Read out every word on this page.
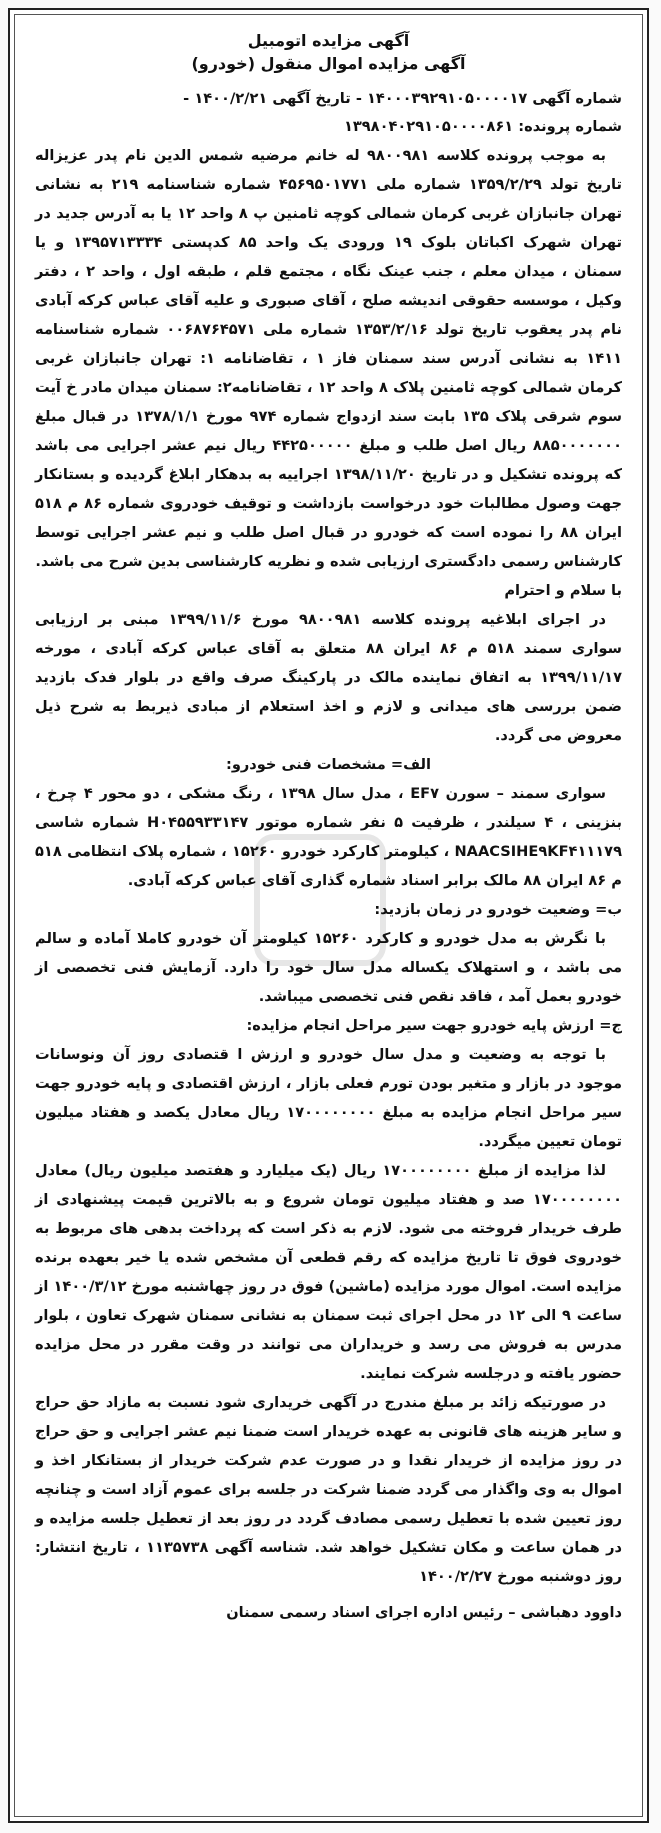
آگهی مزایده اتومبیل
آگهی مزایده اموال منقول (خودرو)
شماره آگهی ۱۴۰۰۰۳۹۲۹۱۰۵۰۰۰۰۱۷ - تاریخ آگهی ۱۴۰۰/۲/۲۱ -
شماره پرونده: ۱۳۹۸۰۴۰۲۹۱۰۵۰۰۰۰۸۶۱

به موجب پرونده کلاسه ۹۸۰۰۹۸۱ له خانم مرضیه شمس الدین نام پدر عزیزاله تاریخ تولد ۱۳۵۹/۲/۲۹ شماره ملی ۴۵۶۹۵۰۱۷۷۱ شماره شناسنامه ۲۱۹ به نشانی تهران جانبازان غربی کرمان شمالی کوچه ثامنین پ ۸ واحد ۱۲ یا به آدرس جدید در تهران شهرک اکباتان بلوک ۱۹ ورودی یک واحد ۸۵ کدپستی ۱۳۹۵۷۱۳۳۳۴ و یا سمنان ، میدان معلم ، جنب عینک نگاه ، مجتمع قلم ، طبقه اول ، واحد ۲ ، دفتر وکیل ، موسسه حقوقی اندیشه صلح ، آقای صبوری و علیه آقای عباس کرکه آبادی نام پدر یعقوب تاریخ تولد ۱۳۵۳/۲/۱۶ شماره ملی ۰۰۶۸۷۶۴۵۷۱ شماره شناسنامه ۱۴۱۱ به نشانی آدرس سند سمنان فاز ۱ ، تقاضانامه ۱: تهران جانبازان غربی کرمان شمالی کوچه ثامنین پلاک ۸ واحد ۱۲ ، تقاضانامه۲: سمنان میدان مادر خ آیت سوم شرقی پلاک ۱۳۵ بابت سند ازدواج شماره ۹۷۴ مورخ ۱۳۷۸/۱/۱ در قبال مبلغ ۸۸۵۰۰۰۰۰۰۰ ریال اصل طلب و مبلغ ۴۴۲۵۰۰۰۰۰ ریال نیم عشر اجرایی می باشد که پرونده تشکیل و در تاریخ ۱۳۹۸/۱۱/۲۰ اجراییه به بدهکار ابلاغ گردیده و بستانکار جهت وصول مطالبات خود درخواست بازداشت و توقیف خودروی شماره ۸۶ م ۵۱۸ ایران ۸۸ را نموده است که خودرو در قبال اصل طلب و نیم عشر اجرایی توسط کارشناس رسمی دادگستری ارزیابی شده و نظریه کارشناسی بدین شرح می باشد.

با سلام و احترام

در اجرای ابلاغیه پرونده کلاسه ۹۸۰۰۹۸۱ مورخ ۱۳۹۹/۱۱/۶ مبنی بر ارزیابی سواری سمند ۵۱۸ م ۸۶ ایران ۸۸ متعلق به آقای عباس کرکه آبادی ، مورخه ۱۳۹۹/۱۱/۱۷ به اتفاق نماینده مالک در پارکینگ صرف واقع در بلوار فدک بازدید ضمن بررسی های میدانی و لازم و اخذ استعلام از مبادی ذیربط به شرح ذیل معروض می گردد.

الف= مشخصات فنی خودرو:

سواری سمند – سورن EF۷ ، مدل سال ۱۳۹۸ ، رنگ مشکی ، دو محور ۴ چرخ ، بنزینی ، ۴ سیلندر ، ظرفیت ۵ نفر شماره موتور H۰۴۵۵۹۳۳۱۴۷ شماره شاسی NAACSIHE۹KF۴۱۱۱۷۹ ، کیلومتر کارکرد خودرو ۱۵۲۶۰ ، شماره پلاک انتظامی ۵۱۸ م ۸۶ ایران ۸۸ مالک برابر اسناد شماره گذاری آقای عباس کرکه آبادی.

ب= وضعیت خودرو در زمان بازدید:

با نگرش به مدل خودرو و کارکرد ۱۵۲۶۰ کیلومتر آن خودرو کاملا آماده و سالم می باشد ، و استهلاک یکساله مدل سال خود را دارد. آزمایش فنی تخصصی از خودرو بعمل آمد ، فاقد نقص فنی تخصصی میباشد.

ج= ارزش پایه خودرو جهت سیر مراحل انجام مزایده:

با توجه به وضعیت و مدل سال خودرو و ارزش ا قتصادی روز آن ونوسانات موجود در بازار و متغیر بودن تورم فعلی بازار ، ارزش اقتصادی و پایه خودرو جهت سیر مراحل انجام مزایده به مبلغ ۱۷۰۰۰۰۰۰۰۰ ریال معادل یکصد و هفتاد میلیون تومان تعیین میگردد.

لذا مزایده از مبلغ ۱۷۰۰۰۰۰۰۰۰ ریال (یک میلیارد و هفتصد میلیون ریال) معادل ۱۷۰۰۰۰۰۰۰۰ صد و هفتاد میلیون تومان شروع و به بالاترین قیمت پیشنهادی از طرف خریدار فروخته می شود. لازم به ذکر است که پرداخت بدهی های مربوط به خودروی فوق تا تاریخ مزایده که رقم قطعی آن مشخص شده یا خیر بعهده برنده مزایده است. اموال مورد مزایده (ماشین) فوق در روز چهاشنبه مورخ ۱۴۰۰/۳/۱۲ از ساعت ۹ الی ۱۲ در محل اجرای ثبت سمنان به نشانی سمنان شهرک تعاون ، بلوار مدرس به فروش می رسد و خریداران می توانند در وقت مقرر در محل مزایده حضور یافته و درجلسه شرکت نمایند.

در صورتیکه زائد بر مبلغ مندرج در آگهی خریداری شود نسبت به مازاد حق حراج و سایر هزینه های قانونی به عهده خریدار است ضمنا نیم عشر اجرایی و حق حراج در روز مزایده از خریدار نقدا و در صورت عدم شرکت خریدار از بستانکار اخذ و اموال به وی واگذار می گردد ضمنا شرکت در جلسه برای عموم آزاد است و چنانچه روز تعیین شده با تعطیل رسمی مصادف گردد در روز بعد از تعطیل جلسه مزایده و در همان ساعت و مکان تشکیل خواهد شد. شناسه آگهی ۱۱۳۵۷۳۸ ، تاریخ انتشار: روز دوشنبه مورخ ۱۴۰۰/۲/۲۷

داوود دهباشی – رئیس اداره اجرای اسناد رسمی سمنان
